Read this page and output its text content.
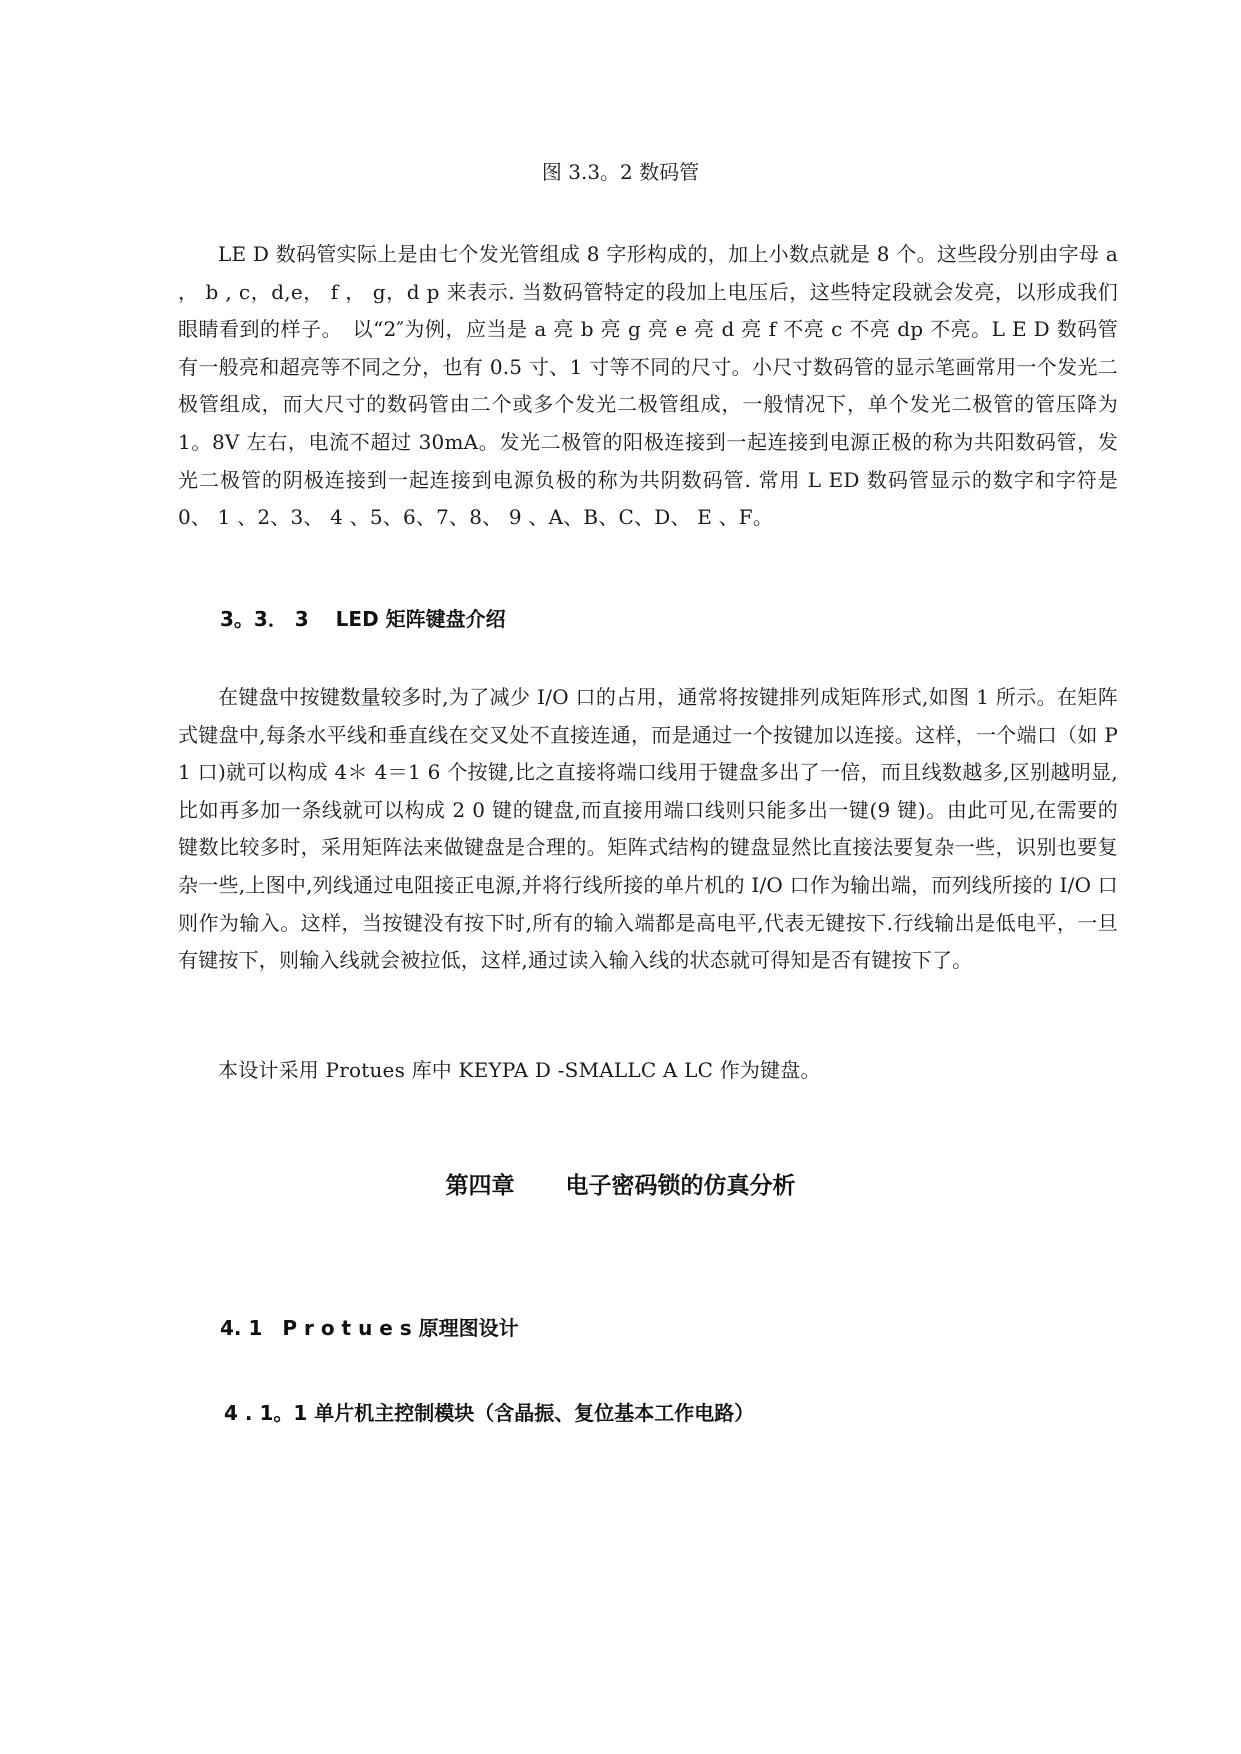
图 3.3。2 数码管
LE D 数码管实际上是由七个发光管组成 8 字形构成的，加上小数点就是 8 个。这些段分别由字母 a ， b , c，d,e， f ， g，d p 来表示. 当数码管特定的段加上电压后，这些特定段就会发亮，以形成我们眼睛看到的样子。　以“2″为例，应当是 a 亮 b 亮 g 亮 e 亮 d 亮 f 不亮 c 不亮 dp 不亮。L E D 数码管有一般亮和超亮等不同之分，也有 0.5 寸、1 寸等不同的尺寸。小尺寸数码管的显示笔画常用一个发光二极管组成，而大尺寸的数码管由二个或多个发光二极管组成，一般情况下，单个发光二极管的管压降为 1。8V 左右，电流不超过 30mA。发光二极管的阳极连接到一起连接到电源正极的称为共阳数码管，发光二极管的阴极连接到一起连接到电源负极的称为共阴数码管. 常用 L ED 数码管显示的数字和字符是 0、 1 、2、3、 4 、5、6、7、8、 9 、A、B、C、D、 E 、F。
3。3． 3　 LED 矩阵键盘介绍
在键盘中按键数量较多时,为了减少 I/O 口的占用，通常将按键排列成矩阵形式,如图 1 所示。在矩阵式键盘中,每条水平线和垂直线在交叉处不直接连通，而是通过一个按键加以连接。这样，一个端口（如 P 1 口)就可以构成 4＊ 4＝1 6 个按键,比之直接将端口线用于键盘多出了一倍，而且线数越多,区别越明显,比如再多加一条线就可以构成 2 0 键的键盘,而直接用端口线则只能多出一键(9 键)。由此可见,在需要的键数比较多时，采用矩阵法来做键盘是合理的。矩阵式结构的键盘显然比直接法要复杂一些，识别也要复杂一些,上图中,列线通过电阻接正电源,并将行线所接的单片机的 I/O 口作为输出端，而列线所接的 I/O 口则作为输入。这样，当按键没有按下时,所有的输入端都是高电平,代表无键按下.行线输出是低电平，一旦有键按下，则输入线就会被拉低，这样,通过读入输入线的状态就可得知是否有键按下了。
本设计采用 Protues 库中 KEYPA D -SMALLC A LC 作为键盘。
第四章　 电子密码锁的仿真分析
4. 1　P r o t u e s 原理图设计
4 . 1。1 单片机主控制模块（含晶振、复位基本工作电路）
